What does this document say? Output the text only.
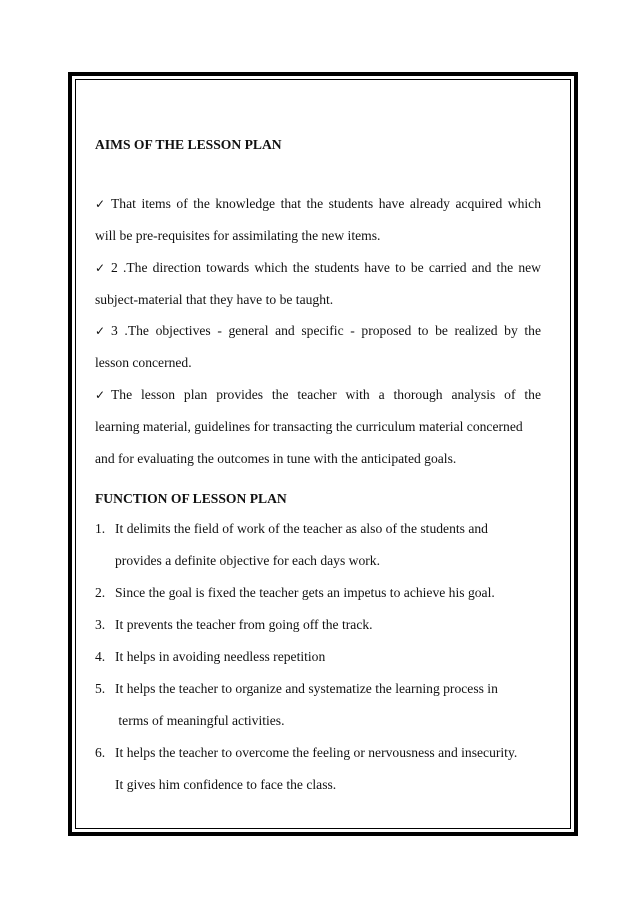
AIMS OF THE LESSON PLAN
✓ That items of the knowledge that the students have already acquired which
will be pre-requisites for assimilating the new items.
✓ 2 .The direction towards which the students have to be carried and the new
subject-material that they have to be taught.
✓ 3 .The objectives - general and specific - proposed to be realized by the
lesson concerned.
✓ The lesson plan provides the teacher with a thorough analysis of the
learning material, guidelines for transacting the curriculum material concerned
and for evaluating the outcomes in tune with the anticipated goals.
FUNCTION OF LESSON PLAN
1. It delimits the field of work of the teacher as also of the students and
provides a definite objective for each days work.
2. Since the goal is fixed the teacher gets an impetus to achieve his goal.
3. It prevents the teacher from going off the track.
4. It helps in avoiding needless repetition
5. It helps the teacher to organize and systematize the learning process in
terms of meaningful activities.
6. It helps the teacher to overcome the feeling or nervousness and insecurity.
It gives him confidence to face the class.
